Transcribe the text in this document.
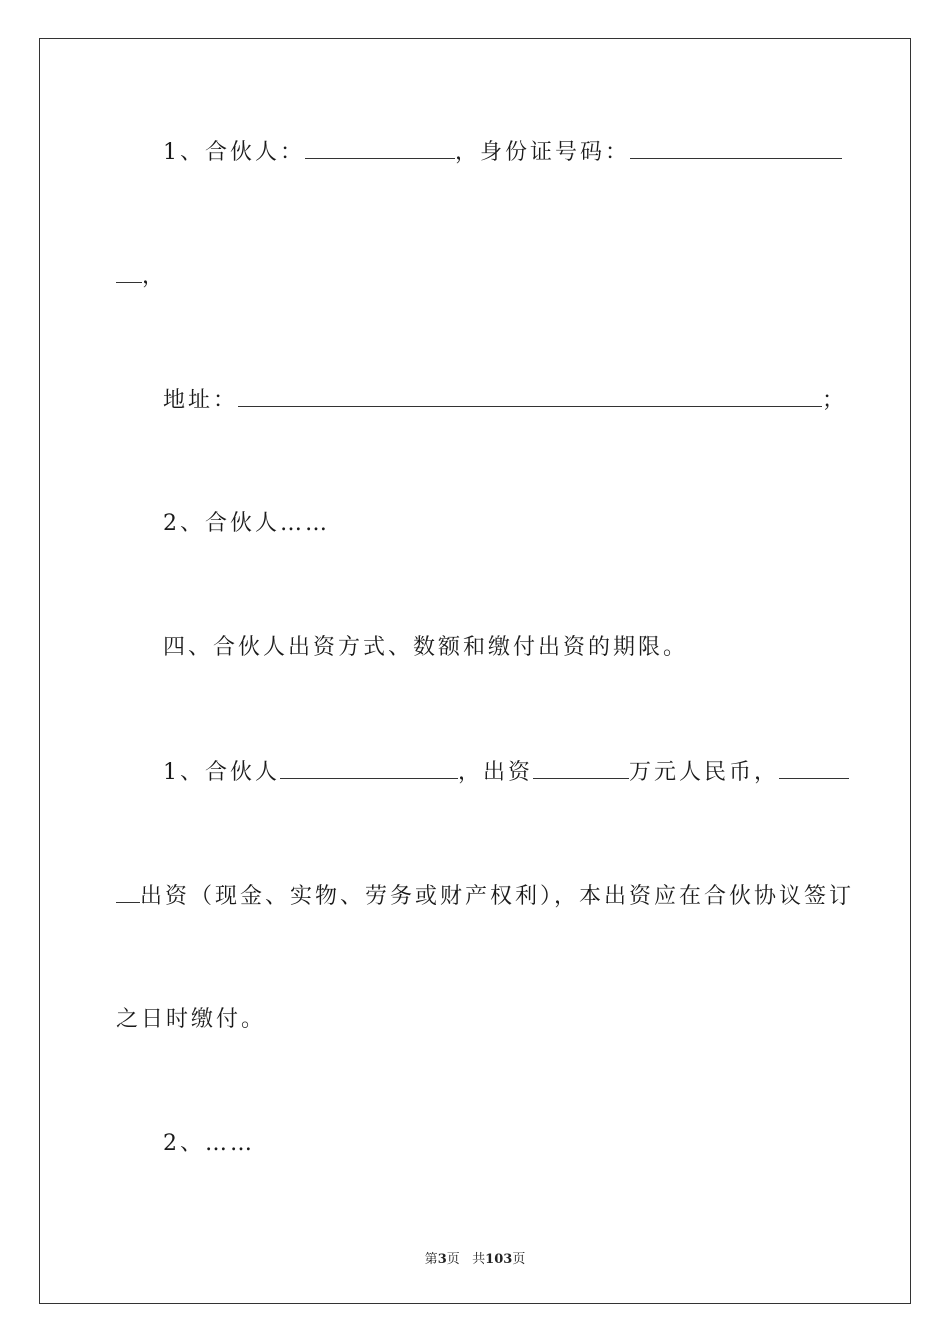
1、合伙人：	，身份证号码：
，
地址：	；
2、合伙人……
四、合伙人出资方式、数额和缴付出资的期限。
1、合伙人	，出资	万元人民币，
出资（现金、实物、劳务或财产权利），本出资应在合伙协议签订
之日时缴付。
2、……
第3页 共103页
